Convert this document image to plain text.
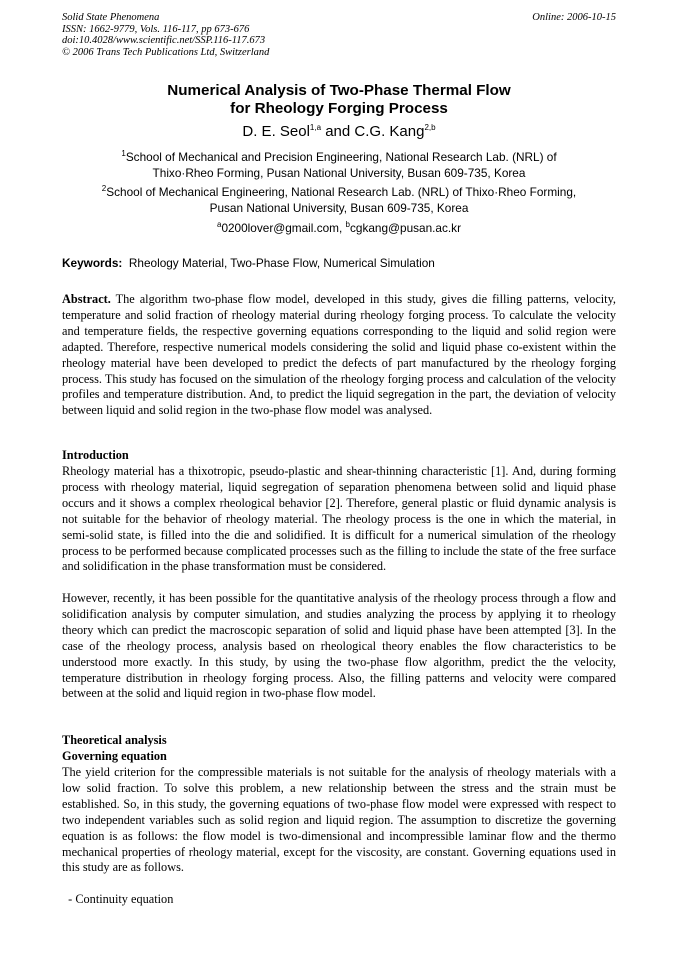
Solid State Phenomena
ISSN: 1662-9779, Vols. 116-117, pp 673-676
doi:10.4028/www.scientific.net/SSP.116-117.673
© 2006 Trans Tech Publications Ltd, Switzerland
Online: 2006-10-15
Numerical Analysis of Two-Phase Thermal Flow
for Rheology Forging Process
D. E. Seol$^{1,a}$ and C.G. Kang$^{2,b}$
$^1$School of Mechanical and Precision Engineering, National Research Lab. (NRL) of
Thixo·Rheo Forming, Pusan National University, Busan 609-735, Korea
$^2$School of Mechanical Engineering, National Research Lab. (NRL) of Thixo·Rheo Forming,
Pusan National University, Busan 609-735, Korea
$^a$0200lover@gmail.com, $^b$cgkang@pusan.ac.kr
Keywords:  Rheology Material, Two-Phase Flow, Numerical Simulation
Abstract. The algorithm two-phase flow model, developed in this study, gives die filling patterns, velocity, temperature and solid fraction of rheology material during rheology forging process. To calculate the velocity and temperature fields, the respective governing equations corresponding to the liquid and solid region were adapted. Therefore, respective numerical models considering the solid and liquid phase co-existent within the rheology material have been developed to predict the defects of part manufactured by the rheology forging process. This study has focused on the simulation of the rheology forging process and calculation of the velocity profiles and temperature distribution. And, to predict the liquid segregation in the part, the deviation of velocity between liquid and solid region in the two-phase flow model was analysed.
Introduction
Rheology material has a thixotropic, pseudo-plastic and shear-thinning characteristic [1]. And, during forming process with rheology material, liquid segregation of separation phenomena between solid and liquid phase occurs and it shows a complex rheological behavior [2]. Therefore, general plastic or fluid dynamic analysis is not suitable for the behavior of rheology material. The rheology process is the one in which the material, in semi-solid state, is filled into the die and solidified. It is difficult for a numerical simulation of the rheology process to be performed because complicated processes such as the filling to include the state of the free surface and solidification in the phase transformation must be considered.
However, recently, it has been possible for the quantitative analysis of the rheology process through a flow and solidification analysis by computer simulation, and studies analyzing the process by applying it to rheology theory which can predict the macroscopic separation of solid and liquid phase have been attempted [3]. In the case of the rheology process, analysis based on rheological theory enables the flow characteristics to be understood more exactly. In this study, by using the two-phase flow algorithm, predict the the velocity, temperature distribution in rheology forging process. Also, the filling patterns and velocity were compared between at the solid and liquid region in two-phase flow model.
Theoretical analysis
Governing equation
The yield criterion for the compressible materials is not suitable for the analysis of rheology materials with a low solid fraction. To solve this problem, a new relationship between the stress and the strain must be established. So, in this study, the governing equations of two-phase flow model were expressed with respect to two independent variables such as solid region and liquid region. The assumption to discretize the governing equation is as follows: the flow model is two-dimensional and incompressible laminar flow and the thermo mechanical properties of rheology material, except for the viscosity, are constant. Governing equations used in this study are as follows.
- Continuity equation
